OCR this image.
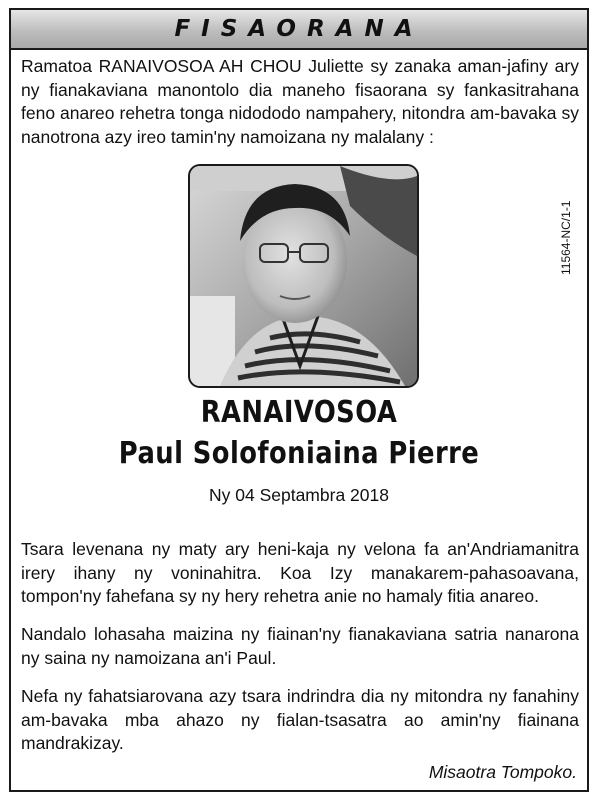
FISAORANA

Ramatoa RANAIVOSOA AH CHOU Juliette sy zanaka aman-jafiny ary ny fianakaviana manontolo dia maneho fisaorana sy fankasitrahana feno anareo rehetra tonga nidododo nampahery, nitondra am-bavaka sy nanotrona azy ireo tamin'ny namoizana ny malalany :

11564-NC/1-1
RANAIVOSOA
Paul Solofoniaina Pierre
Ny 04 Septambra 2018

Tsara levenana ny maty ary heni-kaja ny velona fa an'Andriamanitra irery ihany ny voninahitra. Koa Izy manakarem-pahasoavana, tompon'ny fahefana sy ny hery rehetra anie no hamaly fitia anareo.

Nandalo lohasaha maizina ny fiainan'ny fianakaviana satria nanarona ny saina ny namoizana an'i Paul.

Nefa ny fahatsiarovana azy tsara indrindra dia ny mitondra ny fanahiny am-bavaka mba ahazo ny fialan-tsasatra ao amin'ny fiainana mandrakizay.

Misaotra Tompoko.
